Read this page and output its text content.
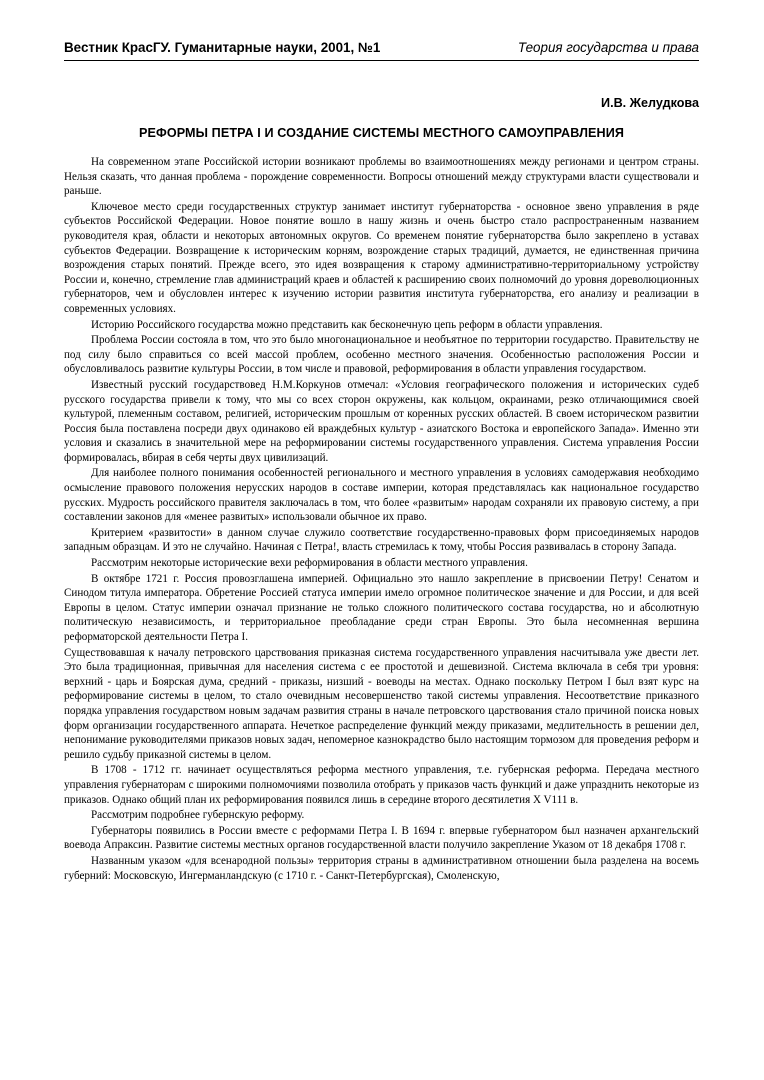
Вестник КрасГУ. Гуманитарные науки, 2001, №1	Теория государства и права
И.В. Желудкова
РЕФОРМЫ ПЕТРА I И СОЗДАНИЕ СИСТЕМЫ МЕСТНОГО САМОУПРАВЛЕНИЯ

На современном этапе Российской истории возникают проблемы во взаимоотношениях между регионами и центром страны. Нельзя сказать, что данная проблема - порождение современности. Вопросы отношений между структурами власти существовали и раньше.

Ключевое место среди государственных структур занимает институт губернаторства - основное звено управления в ряде субъектов Российской Федерации. Новое понятие вошло в нашу жизнь и очень быстро стало распространенным названием руководителя края, области и некоторых автономных округов. Со временем понятие губернаторства было закреплено в уставах субъектов Федерации. Возвращение к историческим корням, возрождение старых традиций, думается, не единственная причина возрождения старых понятий. Прежде всего, это идея возвращения к старому административно-территориальному устройству России и, конечно, стремление глав администраций краев и областей к расширению своих полномочий до уровня дореволюционных губернаторов, чем и обусловлен интерес к изучению истории развития института губернаторства, его анализу и реализации в современных условиях.

Историю Российского государства можно представить как бесконечную цепь реформ в области управления.

Проблема России состояла в том, что это было многонациональное и необъятное по территории государство. Правительству не под силу было справиться со всей массой проблем, особенно местного значения. Особенностью расположения России и обусловливалось развитие культуры России, в том числе и правовой, реформирования в области управления государством.

Известный русский государствовед Н.М.Коркунов отмечал: «Условия географического положения и исторических судеб русского государства привели к тому, что мы со всех сторон окружены, как кольцом, окраинами, резко отличающимися своей культурой, племенным составом, религией, историческим прошлым от коренных русских областей. В своем историческом развитии Россия была поставлена посреди двух одинаково ей враждебных культур - азиатского Востока и европейского Запада». Именно эти условия и сказались в значительной мере на реформировании системы государственного управления. Система управления России формировалась, вбирая в себя черты двух цивилизаций.

Для наиболее полного понимания особенностей регионального и местного управления в условиях самодержавия необходимо осмысление правового положения нерусских народов в составе империи, которая представлялась как национальное государство русских. Мудрость российского правителя заключалась в том, что более «развитым» народам сохраняли их правовую систему, а при составлении законов для «менее развитых» использовали обычное их право.

Критерием «развитости» в данном случае служило соответствие государственно-правовых форм присоединяемых народов западным образцам. И это не случайно. Начиная с Петра!, власть стремилась к тому, чтобы Россия развивалась в сторону Запада.

Рассмотрим некоторые исторические вехи реформирования в области местного управления.

В октябре 1721 г. Россия провозглашена империей. Официально это нашло закрепление в присвоении Петру! Сенатом и Синодом титула императора. Обретение Россией статуса империи имело огромное политическое значение и для России, и для всей Европы в целом. Статус империи означал признание не только сложного политического состава государства, но и абсолютную политическую независимость, и территориальное преобладание среди стран Европы. Это была несомненная вершина реформаторской деятельности Петра I.

Существовавшая к началу петровского царствования приказная система государственного управления насчитывала уже двести лет. Это была традиционная, привычная для населения система с ее простотой и дешевизной. Система включала в себя три уровня: верхний - царь и Боярская дума, средний - приказы, низший - воеводы на местах. Однако поскольку Петром I был взят курс на реформирование системы в целом, то стало очевидным несовершенство такой системы управления. Несоответствие приказного порядка управления государством новым задачам развития страны в начале петровского царствования стало причиной поиска новых форм организации государственного аппарата. Нечеткое распределение функций между приказами, медлительность в решении дел, непонимание руководителями приказов новых задач, непомерное казнокрадство было настоящим тормозом для проведения реформ и решило судьбу приказной системы в целом.

В 1708 - 1712 гг. начинает осуществляться реформа местного управления, т.е. губернская реформа. Передача местного управления губернаторам с широкими полномочиями позволила отобрать у приказов часть функций и даже упразднить некоторые из приказов. Однако общий план их реформирования появился лишь в середине второго десятилетия X V111 в.

Рассмотрим подробнее губернскую реформу.

Губернаторы появились в России вместе с реформами Петра I. В 1694 г. впервые губернатором был назначен архангельский воевода Апраксин. Развитие системы местных органов государственной власти получило закрепление Указом от 18 декабря 1708 г.

Названным указом «для всенародной пользы» территория страны в административном отношении была разделена на восемь губерний: Московскую, Ингерманландскую (с 1710 г. - Санкт-Петербургская), Смоленскую,
